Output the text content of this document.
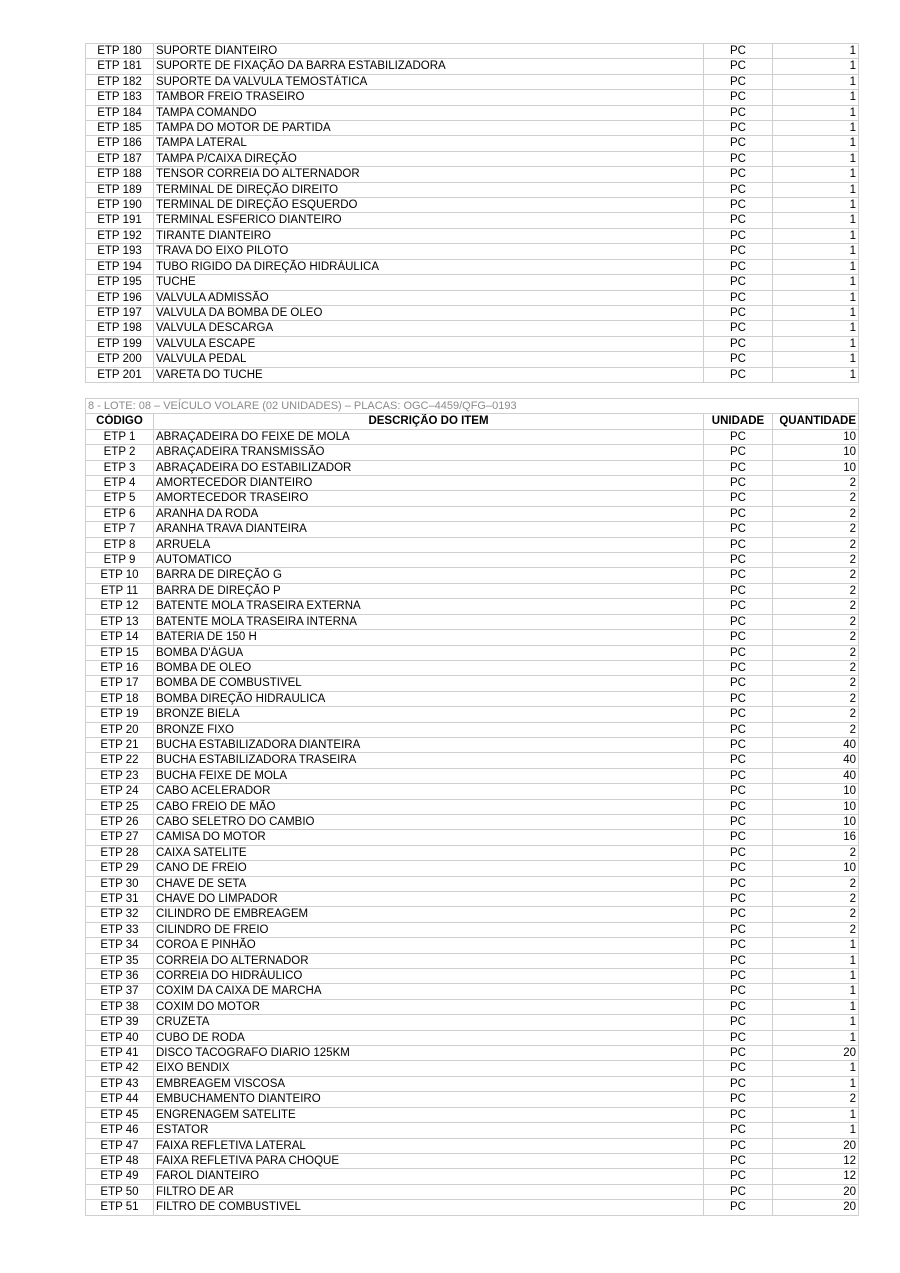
ETP 180	SUPORTE DIANTEIRO	PC	1
ETP 181	SUPORTE DE FIXAÇÃO DA BARRA ESTABILIZADORA	PC	1
ETP 182	SUPORTE DA VALVULA TEMOSTÁTICA	PC	1
ETP 183	TAMBOR FREIO TRASEIRO	PC	1
ETP 184	TAMPA COMANDO	PC	1
ETP 185	TAMPA DO MOTOR DE PARTIDA	PC	1
ETP 186	TAMPA LATERAL	PC	1
ETP 187	TAMPA P/CAIXA DIREÇÃO	PC	1
ETP 188	TENSOR CORREIA DO ALTERNADOR	PC	1
ETP 189	TERMINAL DE DIREÇÃO DIREITO	PC	1
ETP 190	TERMINAL DE DIREÇÃO ESQUERDO	PC	1
ETP 191	TERMINAL ESFERICO DIANTEIRO	PC	1
ETP 192	TIRANTE DIANTEIRO	PC	1
ETP 193	TRAVA DO EIXO PILOTO	PC	1
ETP 194	TUBO RIGIDO DA DIREÇÃO HIDRÁULICA	PC	1
ETP 195	TUCHE	PC	1
ETP 196	VALVULA ADMISSÃO	PC	1
ETP 197	VALVULA DA BOMBA DE OLEO	PC	1
ETP 198	VALVULA DESCARGA	PC	1
ETP 199	VALVULA ESCAPE	PC	1
ETP 200	VALVULA PEDAL	PC	1
ETP 201	VARETA DO TUCHE	PC	1
8 - LOTE: 08 – VEÍCULO VOLARE (02 UNIDADES) – PLACAS: OGC–4459/QFG–0193			
CÓDIGO	DESCRIÇÃO DO ITEM	UNIDADE	QUANTIDADE
ETP 1	ABRAÇADEIRA DO FEIXE DE MOLA	PC	10
ETP 2	ABRAÇADEIRA TRANSMISSÃO	PC	10
ETP 3	ABRAÇADEIRA DO ESTABILIZADOR	PC	10
ETP 4	AMORTECEDOR DIANTEIRO	PC	2
ETP 5	AMORTECEDOR TRASEIRO	PC	2
ETP 6	ARANHA DA RODA	PC	2
ETP 7	ARANHA TRAVA DIANTEIRA	PC	2
ETP 8	ARRUELA	PC	2
ETP 9	AUTOMATICO	PC	2
ETP 10	BARRA DE DIREÇÃO G	PC	2
ETP 11	BARRA DE DIREÇÃO P	PC	2
ETP 12	BATENTE MOLA TRASEIRA EXTERNA	PC	2
ETP 13	BATENTE MOLA TRASEIRA INTERNA	PC	2
ETP 14	BATERIA DE 150 H	PC	2
ETP 15	BOMBA D'ÁGUA	PC	2
ETP 16	BOMBA DE OLEO	PC	2
ETP 17	BOMBA DE COMBUSTIVEL	PC	2
ETP 18	BOMBA DIREÇÃO HIDRAULICA	PC	2
ETP 19	BRONZE BIELA	PC	2
ETP 20	BRONZE FIXO	PC	2
ETP 21	BUCHA ESTABILIZADORA DIANTEIRA	PC	40
ETP 22	BUCHA ESTABILIZADORA TRASEIRA	PC	40
ETP 23	BUCHA FEIXE DE MOLA	PC	40
ETP 24	CABO ACELERADOR	PC	10
ETP 25	CABO FREIO DE MÃO	PC	10
ETP 26	CABO SELETRO DO CAMBIO	PC	10
ETP 27	CAMISA DO MOTOR	PC	16
ETP 28	CAIXA SATELITE	PC	2
ETP 29	CANO DE FREIO	PC	10
ETP 30	CHAVE DE SETA	PC	2
ETP 31	CHAVE DO LIMPADOR	PC	2
ETP 32	CILINDRO DE EMBREAGEM	PC	2
ETP 33	CILINDRO DE FREIO	PC	2
ETP 34	COROA E PINHÃO	PC	1
ETP 35	CORREIA DO ALTERNADOR	PC	1
ETP 36	CORREIA DO HIDRÁULICO	PC	1
ETP 37	COXIM DA CAIXA DE MARCHA	PC	1
ETP 38	COXIM DO MOTOR	PC	1
ETP 39	CRUZETA	PC	1
ETP 40	CUBO DE RODA	PC	1
ETP 41	DISCO TACOGRAFO DIARIO 125KM	PC	20
ETP 42	EIXO BENDIX	PC	1
ETP 43	EMBREAGEM VISCOSA	PC	1
ETP 44	EMBUCHAMENTO DIANTEIRO	PC	2
ETP 45	ENGRENAGEM SATELITE	PC	1
ETP 46	ESTATOR	PC	1
ETP 47	FAIXA REFLETIVA LATERAL	PC	20
ETP 48	FAIXA REFLETIVA PARA CHOQUE	PC	12
ETP 49	FAROL DIANTEIRO	PC	12
ETP 50	FILTRO DE AR	PC	20
ETP 51	FILTRO DE COMBUSTIVEL	PC	20
